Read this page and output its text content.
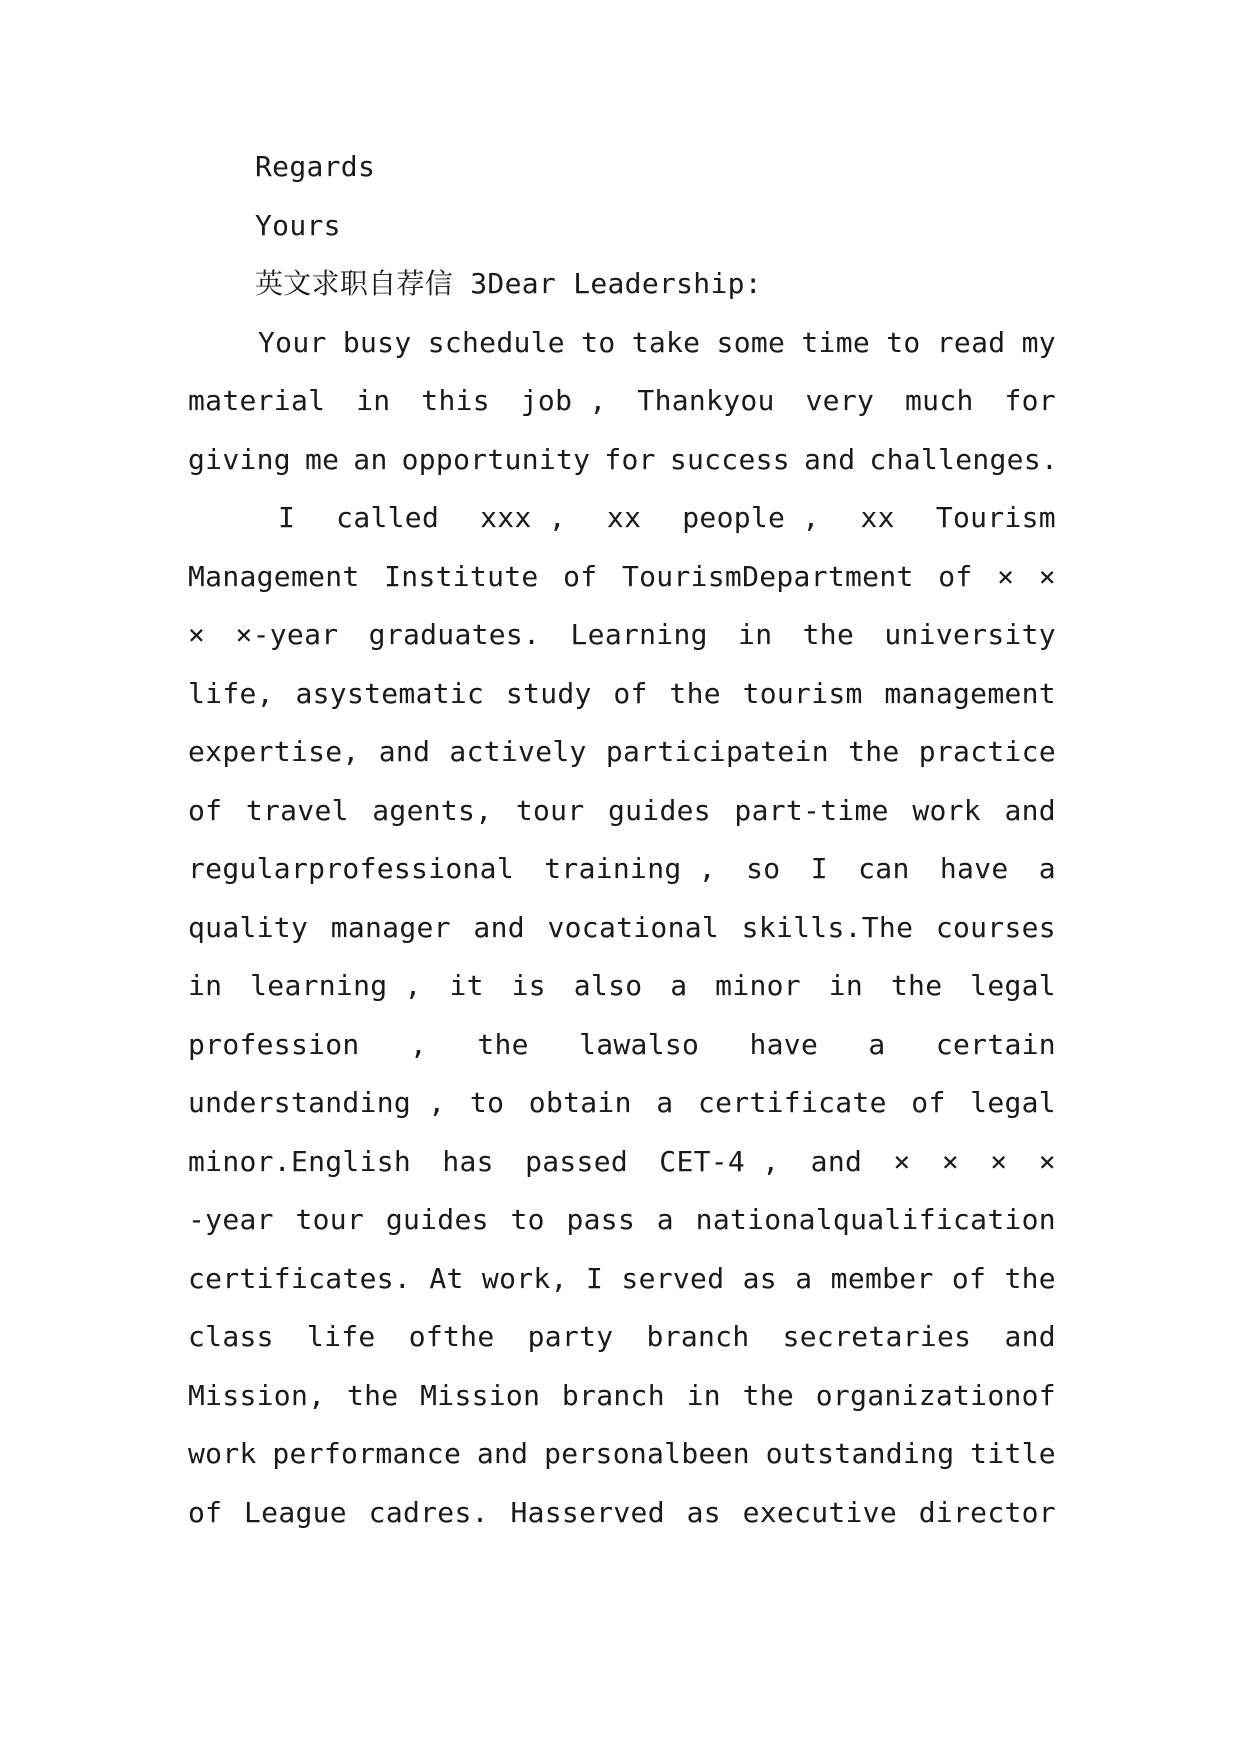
Regards
Yours
英文求职自荐信 3Dear Leadership:
Your busy schedule to take some time to read my
material in this job , Thankyou very much for
giving me an opportunity for success and challenges.
I called xxx , xx people , xx Tourism
Management Institute of TourismDepartment of × ×
× ×-year graduates. Learning in the university
life, asystematic study of the tourism management
expertise, and actively participatein the practice
of travel agents, tour guides part-time work and
regularprofessional training , so I can have a
quality manager and vocational skills.The courses
in learning , it is also a minor in the legal
profession , the lawalso have a certain
understanding , to obtain a certificate of legal
minor.English has passed CET-4 , and × × × ×
-year tour guides to pass a nationalqualification
certificates. At work, I served as a member of the
class life ofthe party branch secretaries and
Mission, the Mission branch in the organizationof
work performance and personalbeen outstanding title
of League cadres. Hasserved as executive director
